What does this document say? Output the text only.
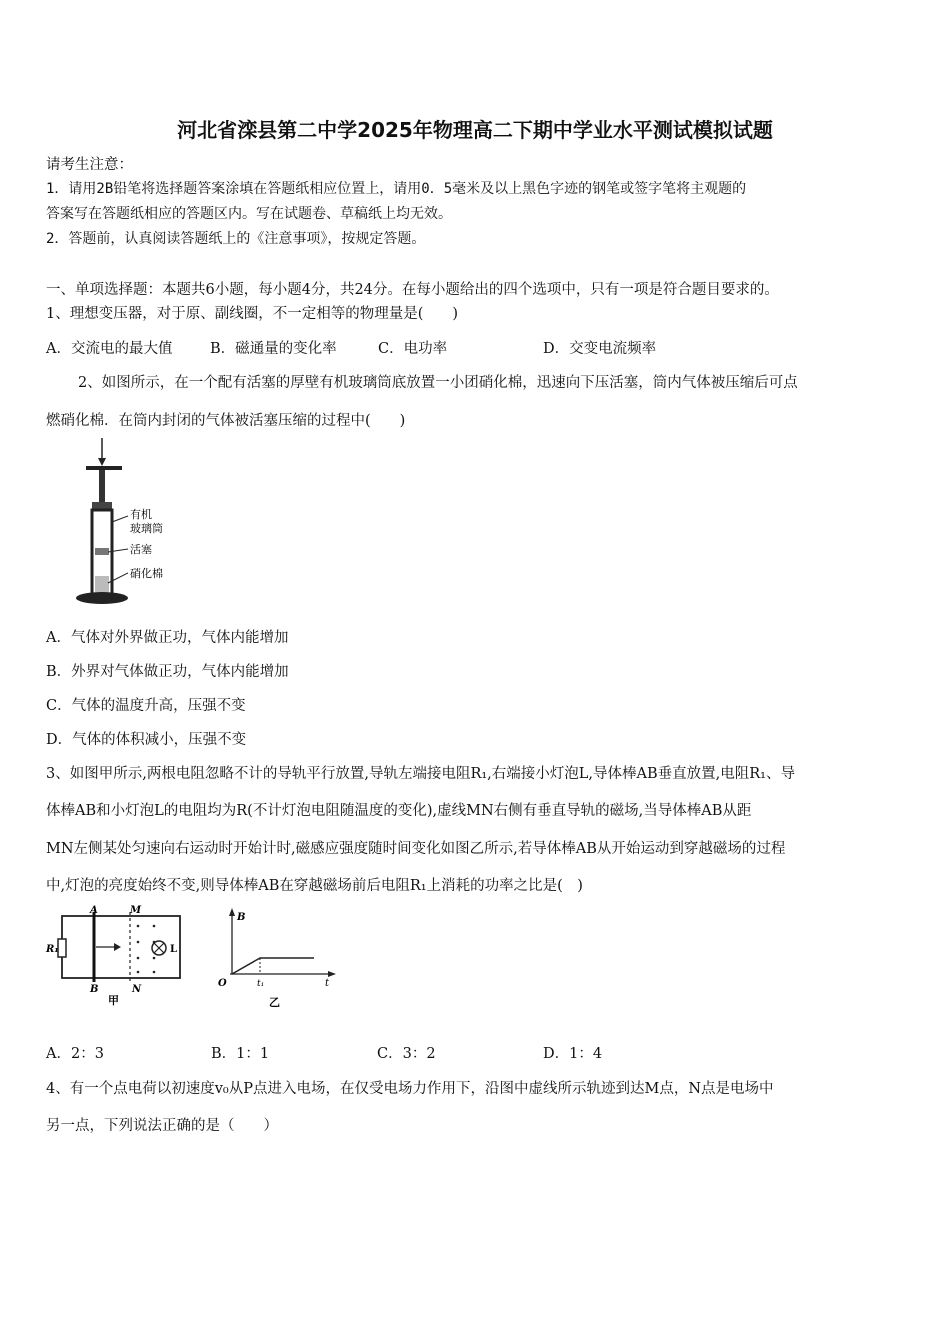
河北省滦县第二中学2025年物理高二下期中学业水平测试模拟试题
请考生注意：
1．请用2B铅笔将选择题答案涂填在答题纸相应位置上，请用0．5毫米及以上黑色字迹的钢笔或签字笔将主观题的
答案写在答题纸相应的答题区内。写在试题卷、草稿纸上均无效。
2．答题前，认真阅读答题纸上的《注意事项》，按规定答题。
一、单项选择题：本题共6小题，每小题4分，共24分。在每小题给出的四个选项中，只有一项是符合题目要求的。
1、理想变压器，对于原、副线圈，不一定相等的物理量是(　　)
A．交流电的最大值	B．磁通量的变化率	C．电功率	D．交变电流频率
2、如图所示，在一个配有活塞的厚壁有机玻璃筒底放置一小团硝化棉，迅速向下压活塞，筒内气体被压缩后可点
燃硝化棉．在筒内封闭的气体被活塞压缩的过程中(　　)
有机
玻璃筒
活塞
硝化棉
A．气体对外界做正功，气体内能增加
B．外界对气体做正功，气体内能增加
C．气体的温度升高，压强不变
D．气体的体积减小，压强不变
3、如图甲所示,两根电阻忽略不计的导轨平行放置,导轨左端接电阻R₁,右端接小灯泡L,导体棒AB垂直放置,电阻R₁、导
体棒AB和小灯泡L的电阻均为R(不计灯泡电阻随温度的变化),虚线MN右侧有垂直导轨的磁场,当导体棒AB从距
MN左侧某处匀速向右运动时开始计时,磁感应强度随时间变化如图乙所示,若导体棒AB从开始运动到穿越磁场的过程
中,灯泡的亮度始终不变,则导体棒AB在穿越磁场前后电阻R₁上消耗的功率之比是(　)
A	M
R₁	L
B	N
甲
B
O	t₁	t
乙
A．2：3	B．1：1	C．3：2	D．1：4
4、有一个点电荷以初速度v₀从P点进入电场，在仅受电场力作用下，沿图中虚线所示轨迹到达M点，N点是电场中
另一点，下列说法正确的是（　　）
